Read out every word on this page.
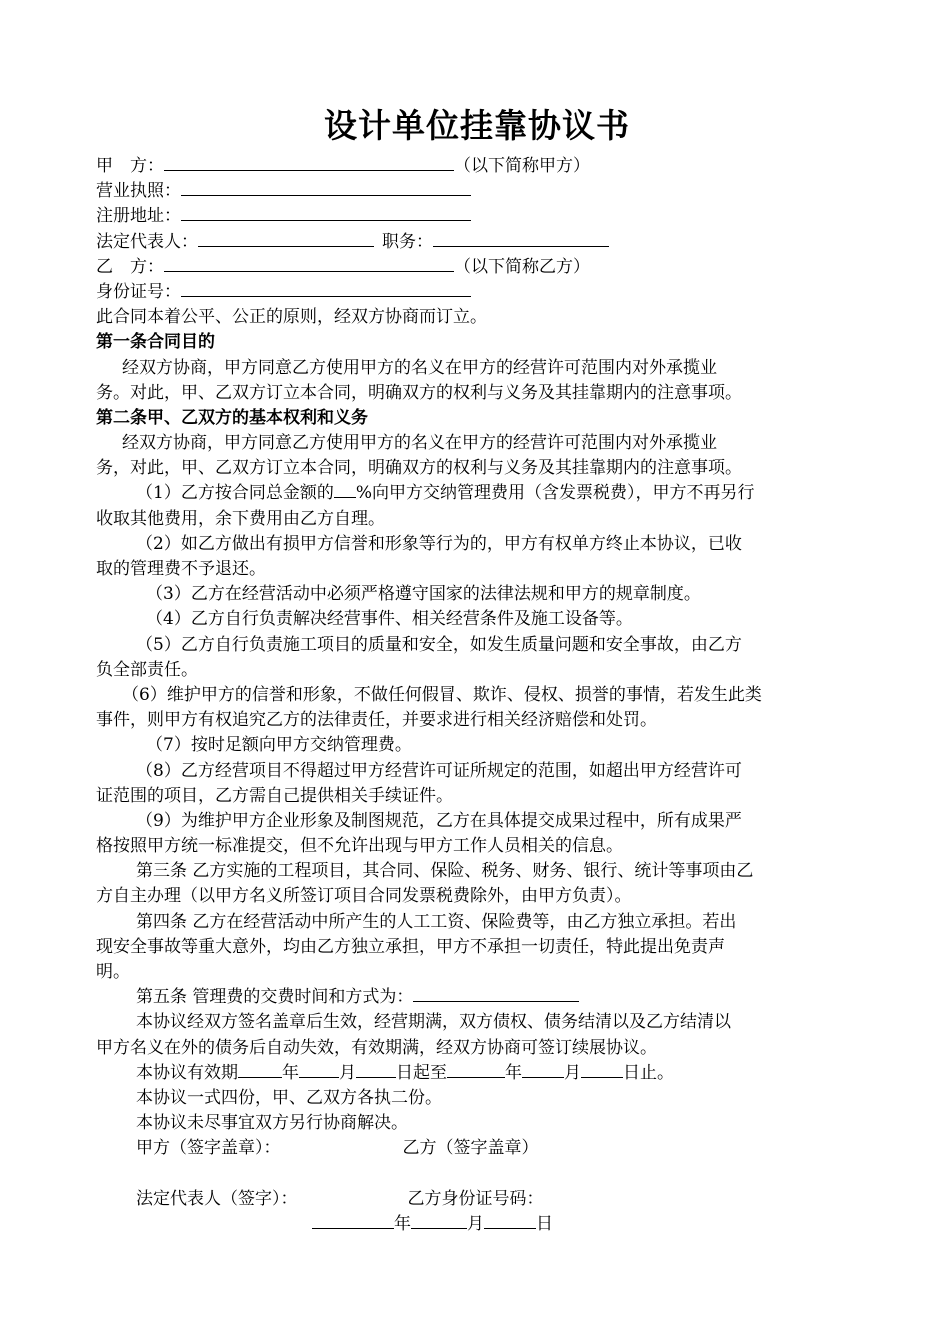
设计单位挂靠协议书
甲　方：	（以下简称甲方）
营业执照：
注册地址：
法定代表人：	职务：
乙　方：	（以下简称乙方）
身份证号：
此合同本着公平、公正的原则，经双方协商而订立。
第一条合同目的
经双方协商，甲方同意乙方使用甲方的名义在甲方的经营许可范围内对外承揽业
务。对此，甲、乙双方订立本合同，明确双方的权利与义务及其挂靠期内的注意事项。
第二条甲、乙双方的基本权利和义务
经双方协商，甲方同意乙方使用甲方的名义在甲方的经营许可范围内对外承揽业
务，对此，甲、乙双方订立本合同，明确双方的权利与义务及其挂靠期内的注意事项。
（1）乙方按合同总金额的 %向甲方交纳管理费用（含发票税费），甲方不再另行
收取其他费用，余下费用由乙方自理。
（2）如乙方做出有损甲方信誉和形象等行为的，甲方有权单方终止本协议，已收
取的管理费不予退还。
（3）乙方在经营活动中必须严格遵守国家的法律法规和甲方的规章制度。
（4）乙方自行负责解决经营事件、相关经营条件及施工设备等。
（5）乙方自行负责施工项目的质量和安全，如发生质量问题和安全事故，由乙方
负全部责任。
（6）维护甲方的信誉和形象，不做任何假冒、欺诈、侵权、损誉的事情，若发生此类
事件，则甲方有权追究乙方的法律责任，并要求进行相关经济赔偿和处罚。
（7）按时足额向甲方交纳管理费。
（8）乙方经营项目不得超过甲方经营许可证所规定的范围，如超出甲方经营许可
证范围的项目，乙方需自己提供相关手续证件。
（9）为维护甲方企业形象及制图规范，乙方在具体提交成果过程中，所有成果严
格按照甲方统一标准提交，但不允许出现与甲方工作人员相关的信息。
第三条 乙方实施的工程项目，其合同、保险、税务、财务、银行、统计等事项由乙
方自主办理（以甲方名义所签订项目合同发票税费除外，由甲方负责）。
第四条 乙方在经营活动中所产生的人工工资、保险费等，由乙方独立承担。若出
现安全事故等重大意外，均由乙方独立承担，甲方不承担一切责任，特此提出免责声
明。
第五条 管理费的交费时间和方式为：
本协议经双方签名盖章后生效，经营期满，双方债权、债务结清以及乙方结清以
甲方名义在外的债务后自动失效，有效期满，经双方协商可签订续展协议。
本协议有效期	年 月 日起至	年 月 日止。
本协议一式四份，甲、乙双方各执二份。
本协议未尽事宜双方另行协商解决。
甲方（签字盖章）：	乙方（签字盖章）
法定代表人（签字）：	乙方身份证号码：
年	月	日
